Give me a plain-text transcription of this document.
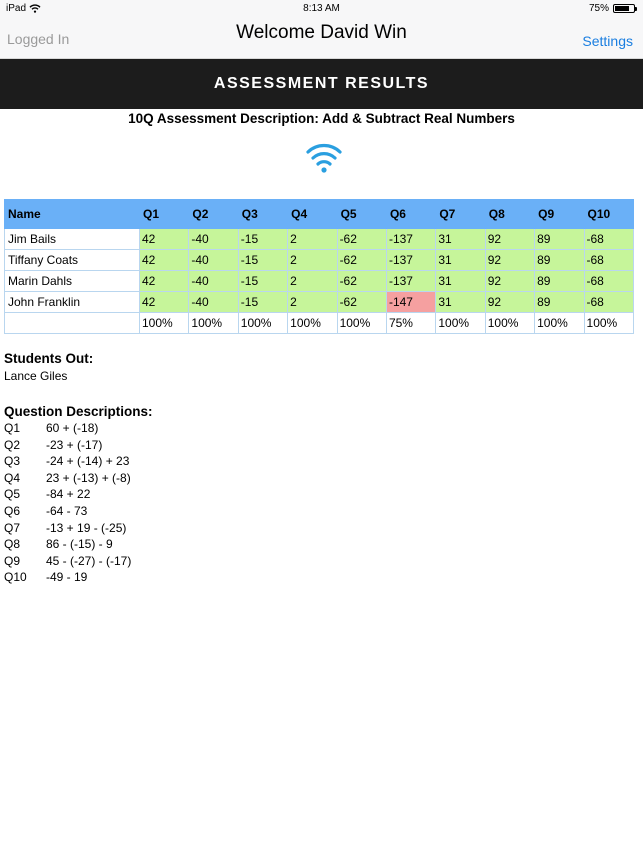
iPad	8:13 AM	75%
Logged In	Welcome David Win	Settings
ASSESSMENT RESULTS
10Q Assessment Description: Add & Subtract Real Numbers
Name	Q1	Q2	Q3	Q4	Q5	Q6	Q7	Q8	Q9	Q10
Jim Bails	42	-40	-15	2	-62	-137	31	92	89	-68
Tiffany Coats	42	-40	-15	2	-62	-137	31	92	89	-68
Marin Dahls	42	-40	-15	2	-62	-137	31	92	89	-68
John Franklin	42	-40	-15	2	-62	-147	31	92	89	-68
	100%	100%	100%	100%	100%	75%	100%	100%	100%	100%
Students Out:
Lance Giles
Question Descriptions:
Q1	60 + (-18)
Q2	-23 + (-17)
Q3	-24 + (-14) + 23
Q4	23 + (-13) + (-8)
Q5	-84 + 22
Q6	-64 - 73
Q7	-13 + 19 - (-25)
Q8	86 - (-15) - 9
Q9	45 - (-27) - (-17)
Q10	-49 - 19
